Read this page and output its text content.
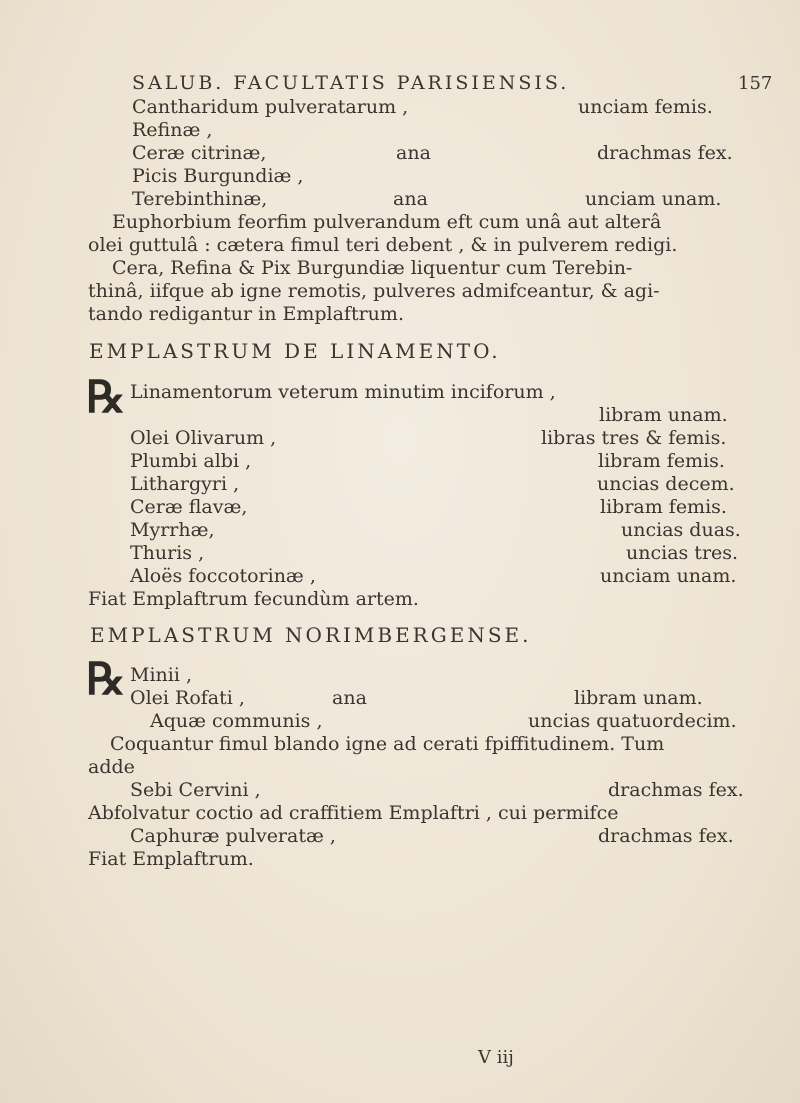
SALUB. FACULTATIS PARISIENSIS.	157
Cantharidum pulveratarum ,	unciam femis.
Refinæ ,
Ceræ citrinæ,	ana	drachmas fex.
Picis Burgundiæ ,
Terebinthinæ,	ana	unciam unam.
Euphorbium feorfim pulverandum eft cum unâ aut alterâ
olei guttulâ : cætera fimul teri debent , & in pulverem redigi.
Cera, Refina & Pix Burgundiæ liquentur cum Terebin-
thinâ, iifque ab igne remotis, pulveres admifceantur, & agi-
tando redigantur in Emplaftrum.
EMPLASTRUM DE LINAMENTO.
℞ Linamentorum veterum minutim inciforum ,
libram unam.
Olei Olivarum ,	libras tres & femis.
Plumbi albi ,	libram femis.
Lithargyri ,	uncias decem.
Ceræ flavæ,	libram femis.
Myrrhæ,	uncias duas.
Thuris ,	uncias tres.
Aloës foccotorinæ ,	unciam unam.
Fiat Emplaftrum fecundùm artem.
EMPLASTRUM NORIMBERGENSE.
℞ Minii ,
Olei Rofati ,	ana	libram unam.
Aquæ communis ,	uncias quatuordecim.
Coquantur fimul blando igne ad cerati fpiffitudinem. Tum
adde
Sebi Cervini ,	drachmas fex.
Abfolvatur coctio ad craffitiem Emplaftri , cui permifce
Caphuræ pulveratæ ,	drachmas fex.
Fiat Emplaftrum.
V iij
